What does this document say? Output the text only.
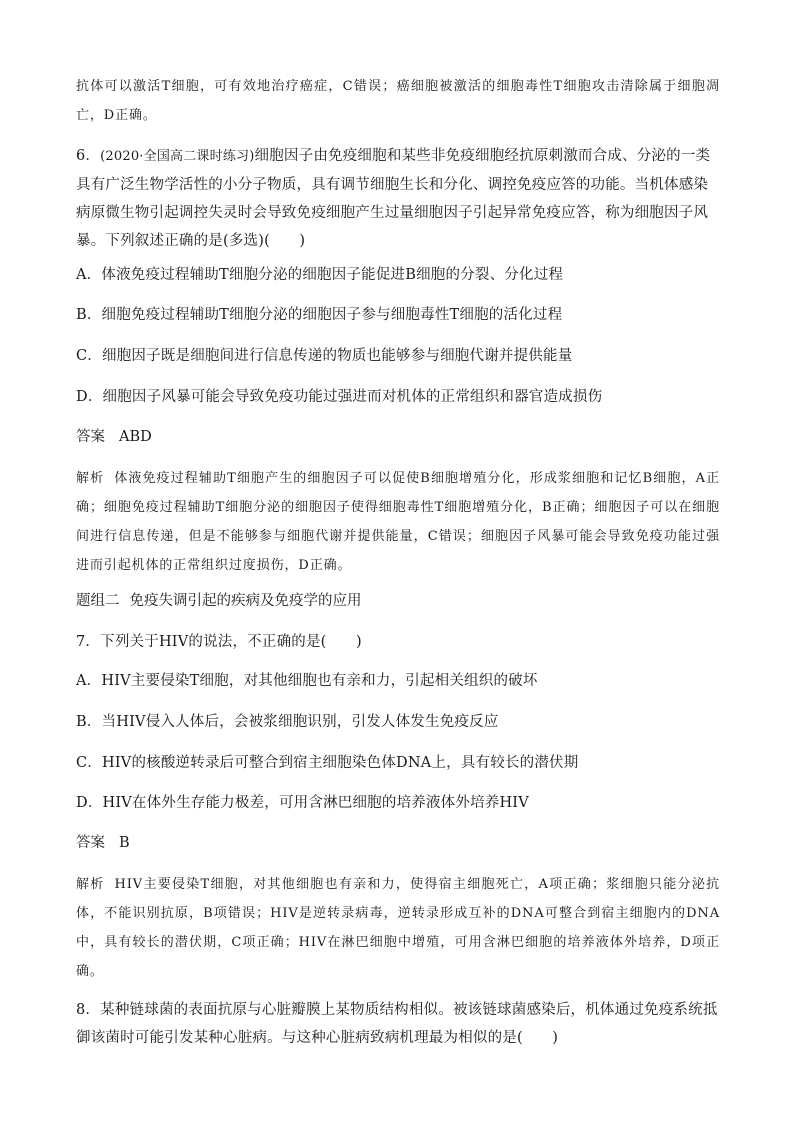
抗体可以激活T细胞，可有效地治疗癌症，C错误；癌细胞被激活的细胞毒性T细胞攻击清除属于细胞凋亡，D正确。
6．(2020·全国高二课时练习)细胞因子由免疫细胞和某些非免疫细胞经抗原刺激而合成、分泌的一类具有广泛生物学活性的小分子物质，具有调节细胞生长和分化、调控免疫应答的功能。当机体感染病原微生物引起调控失灵时会导致免疫细胞产生过量细胞因子引起异常免疫应答，称为细胞因子风暴。下列叙述正确的是(多选)(　　)
A．体液免疫过程辅助T细胞分泌的细胞因子能促进B细胞的分裂、分化过程
B．细胞免疫过程辅助T细胞分泌的细胞因子参与细胞毒性T细胞的活化过程
C．细胞因子既是细胞间进行信息传递的物质也能够参与细胞代谢并提供能量
D．细胞因子风暴可能会导致免疫功能过强进而对机体的正常组织和器官造成损伤
答案 ABD
解析 体液免疫过程辅助T细胞产生的细胞因子可以促使B细胞增殖分化，形成浆细胞和记忆B细胞，A正确；细胞免疫过程辅助T细胞分泌的细胞因子使得细胞毒性T细胞增殖分化，B正确；细胞因子可以在细胞间进行信息传递，但是不能够参与细胞代谢并提供能量，C错误；细胞因子风暴可能会导致免疫功能过强进而引起机体的正常组织过度损伤，D正确。
题组二 免疫失调引起的疾病及免疫学的应用
7．下列关于HIV的说法，不正确的是(　　)
A．HIV主要侵染T细胞，对其他细胞也有亲和力，引起相关组织的破坏
B．当HIV侵入人体后，会被浆细胞识别，引发人体发生免疫反应
C．HIV的核酸逆转录后可整合到宿主细胞染色体DNA上，具有较长的潜伏期
D．HIV在体外生存能力极差，可用含淋巴细胞的培养液体外培养HIV
答案 B
解析 HIV主要侵染T细胞，对其他细胞也有亲和力，使得宿主细胞死亡，A项正确；浆细胞只能分泌抗体，不能识别抗原，B项错误；HIV是逆转录病毒，逆转录形成互补的DNA可整合到宿主细胞内的DNA中，具有较长的潜伏期，C项正确；HIV在淋巴细胞中增殖，可用含淋巴细胞的培养液体外培养，D项正确。
8．某种链球菌的表面抗原与心脏瓣膜上某物质结构相似。被该链球菌感染后，机体通过免疫系统抵御该菌时可能引发某种心脏病。与这种心脏病致病机理最为相似的是(　　)
